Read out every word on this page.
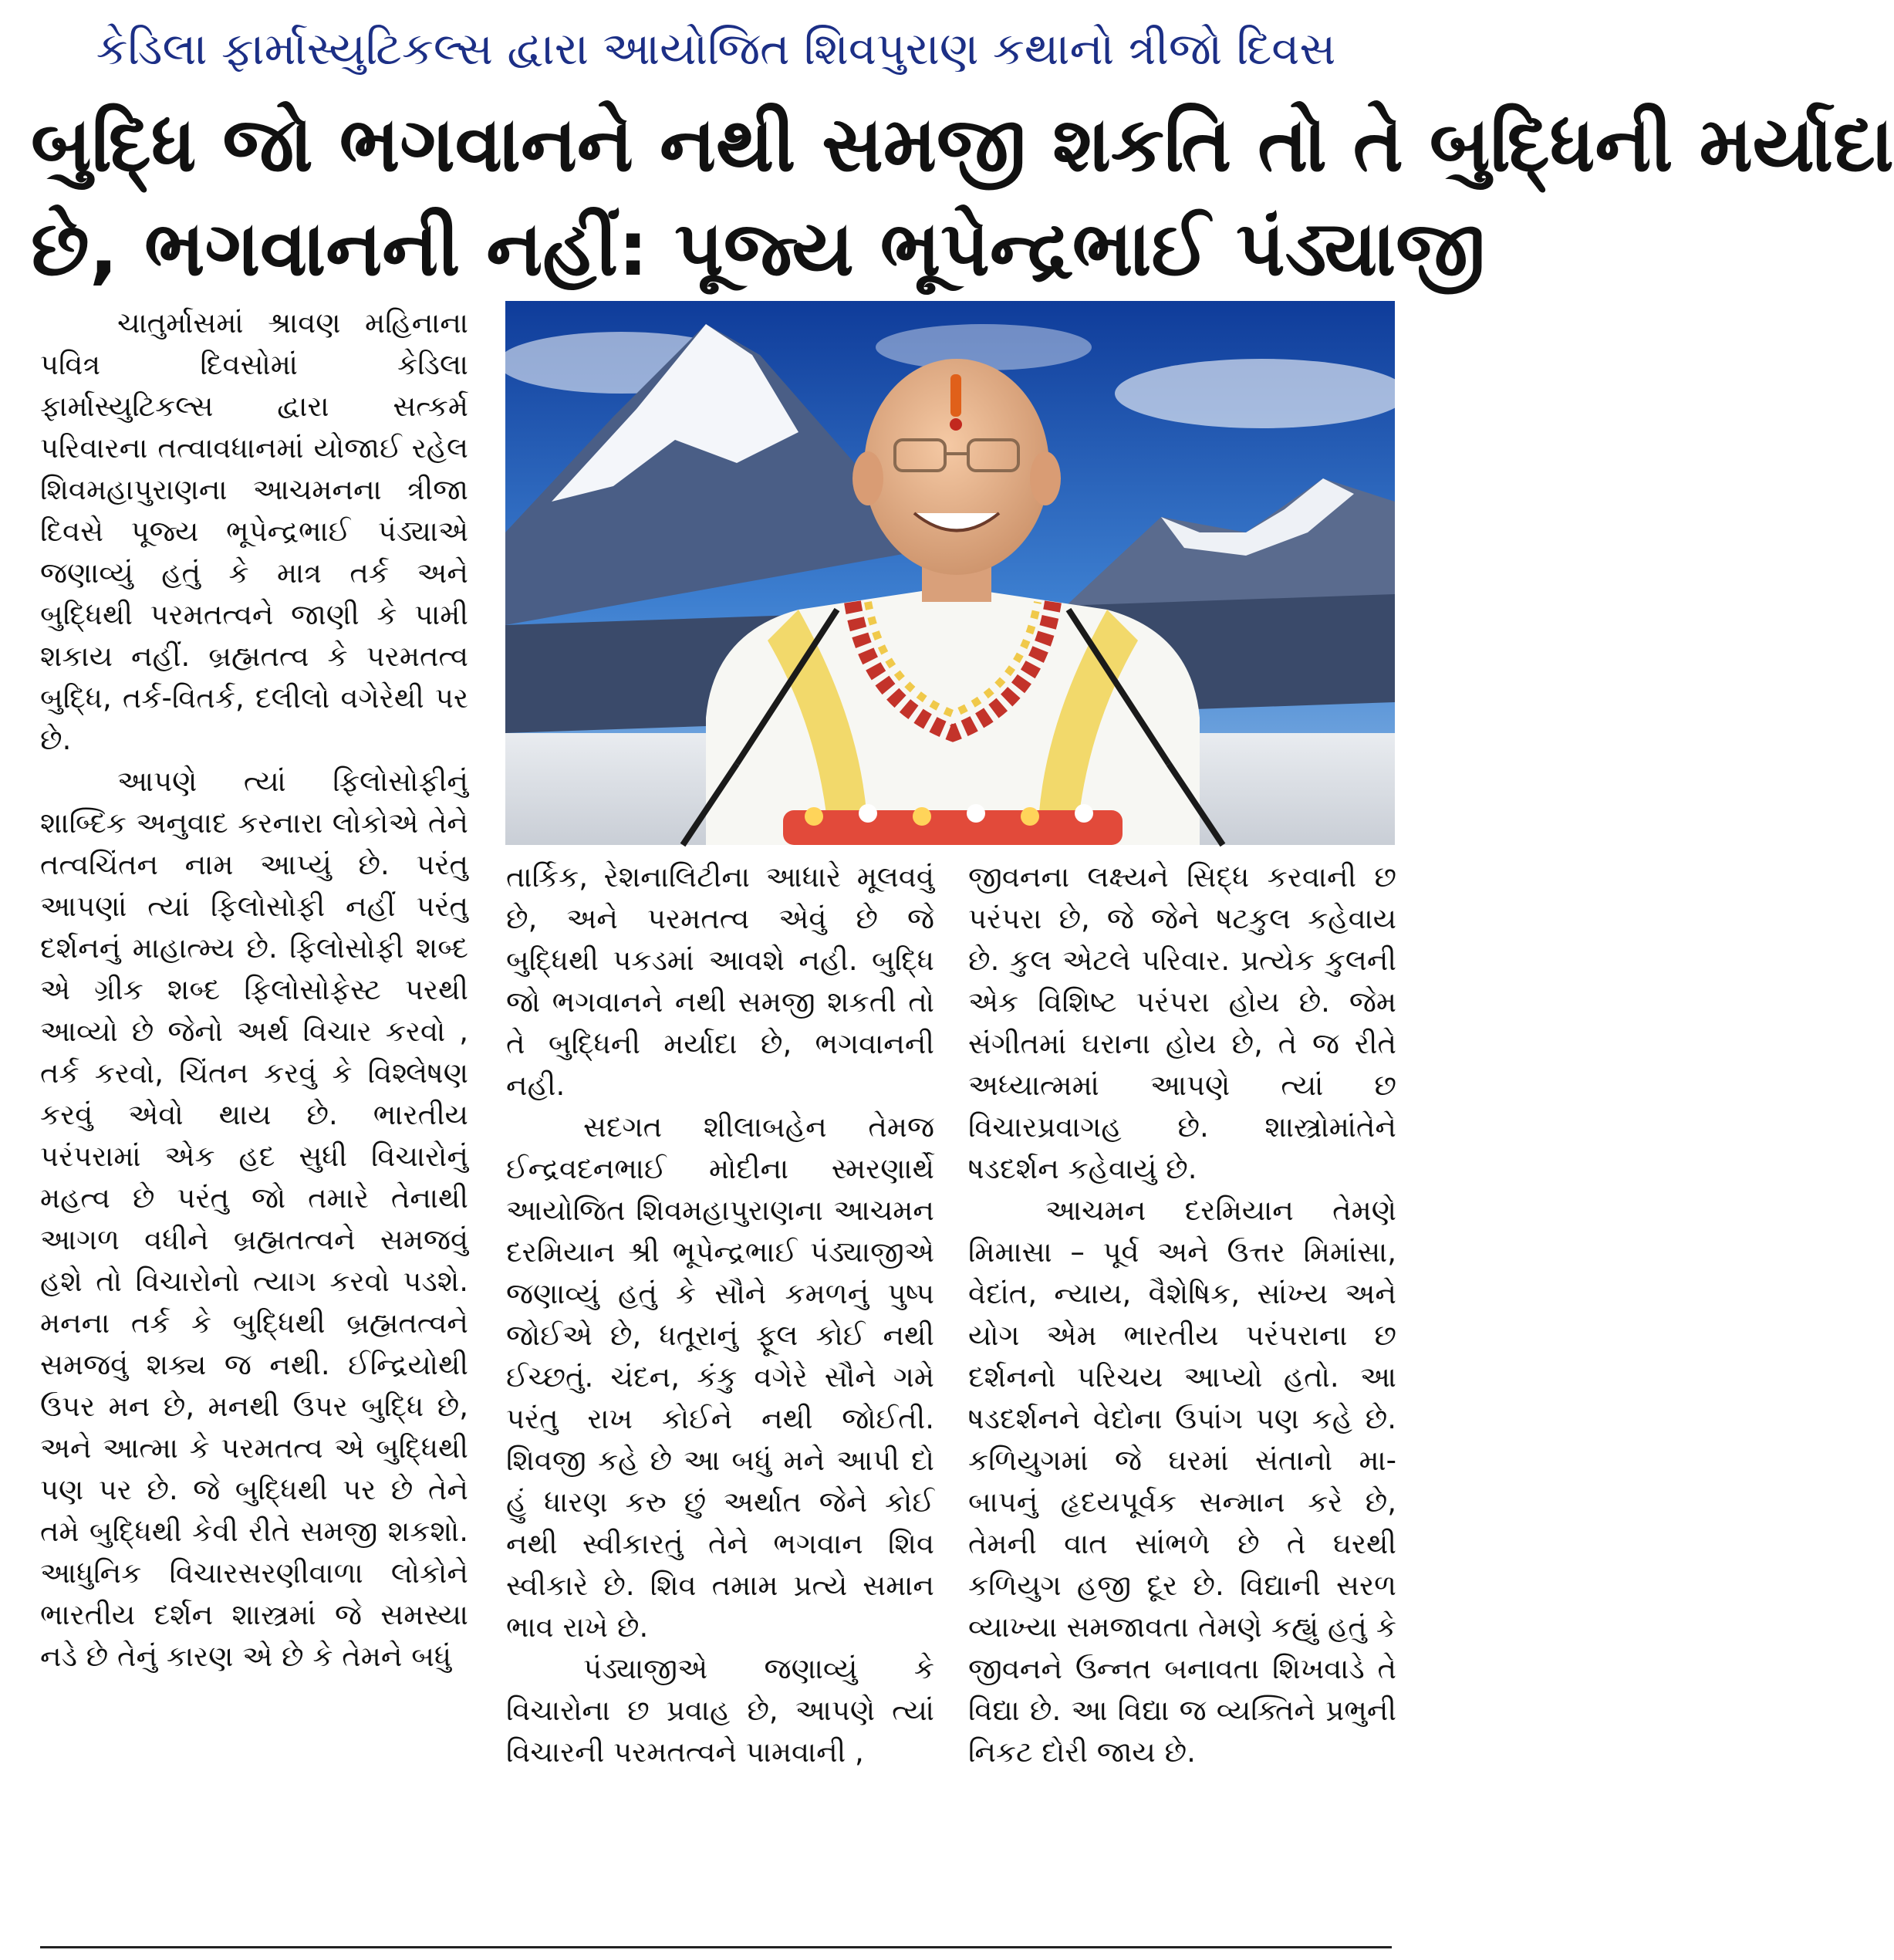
કેડિલા ફાર્માસ્યુટિકલ્સ દ્વારા આયોજિત શિવપુરાણ કથાનો ત્રીજો દિવસ
બુદ્ધિ જો ભગવાનને નથી સમજી શકતિ તો તે બુદ્ધિની મર્યાદા
છે, ભગવાનની નહીં: પૂજ્ય ભૂપેન્દ્રભાઈ પંડ્યાજી

ચાતુર્માસમાં શ્રાવણ મહિનાના પવિત્ર દિવસોમાં કેડિલા ફાર્માસ્યુટિકલ્સ દ્વારા સત્કર્મ પરિવારના તત્વાવધાનમાં યોજાઈ રહેલ શિવમહાપુરાણના આચમનના ત્રીજા દિવસે પૂજ્ય ભૂપેન્દ્રભાઈ પંડ્યાએ જણાવ્યું હતું કે માત્ર તર્ક અને બુદ્ધિથી પરમતત્વને જાણી કે પામી શકાય નહીં. બ્રહ્મતત્વ કે પરમતત્વ બુદ્ધિ, તર્ક-વિતર્ક, દલીલો વગેરેથી પર છે.

આપણે ત્યાં ફિલોસોફીનું શાબ્દિક અનુવાદ કરનારા લોકોએ તેને તત્વચિંતન નામ આપ્યું છે. પરંતુ આપણાં ત્યાં ફિલોસોફી નહીં પરંતુ દર્શનનું માહાત્મ્ય છે. ફિલોસોફી શબ્દ એ ગ્રીક શબ્દ ફિલોસોફેસ્ટ પરથી આવ્યો છે જેનો અર્થ વિચાર કરવો , તર્ક કરવો, ચિંતન કરવું કે વિશ્લેષણ કરવું એવો થાય છે. ભારતીય પરંપરામાં એક હદ સુધી વિચારોનું મહત્વ છે પરંતુ જો તમારે તેનાથી આગળ વધીને બ્રહ્મતત્વને સમજવું હશે તો વિચારોનો ત્યાગ કરવો પડશે. મનના તર્ક કે બુદ્ધિથી બ્રહ્મતત્વને સમજવું શક્ય જ નથી. ઈન્દ્રિયોથી ઉપર મન છે, મનથી ઉપર બુદ્ધિ છે, અને આત્મા કે પરમતત્વ એ બુદ્ધિથી પણ પર છે. જે બુદ્ધિથી પર છે તેને તમે બુદ્ધિથી કેવી રીતે સમજી શકશો. આધુનિક વિચારસરણીવાળા લોકોને ભારતીય દર્શન શાસ્ત્રમાં જે સમસ્યા નડે છે તેનું કારણ એ છે કે તેમને બધું

તાર્કિક, રેશનાલિટીના આધારે મૂલવવું છે, અને પરમતત્વ એવું છે જે બુદ્ધિથી પકડમાં આવશે નહી. બુદ્ધિ જો ભગવાનને નથી સમજી શકતી તો તે બુદ્ધિની મર્યાદા છે, ભગવાનની નહી.

સદગત શીલાબહેન તેમજ ઈન્દ્રવદનભાઈ મોદીના સ્મરણાર્થે આયોજિત શિવમહાપુરાણના આચમન દરમિયાન શ્રી ભૂપેન્દ્રભાઈ પંડ્યાજીએ જણાવ્યું હતું કે સૌને કમળનું પુષ્પ જોઈએ છે, ધતૂરાનું ફૂલ કોઈ નથી ઈચ્છતું. ચંદન, કંકુ વગેરે સૌને ગમે પરંતુ રાખ કોઈને નથી જોઈતી. શિવજી કહે છે આ બધું મને આપી દો હું ધારણ કરુ છું અર્થાત જેને કોઈ નથી સ્વીકારતું તેને ભગવાન શિવ સ્વીકારે છે. શિવ તમામ પ્રત્યે સમાન ભાવ રાખે છે.

પંડ્યાજીએ જણાવ્યું કે વિચારોના છ પ્રવાહ છે, આપણે ત્યાં વિચારની પરમતત્વને પામવાની ,

જીવનના લક્ષ્યને સિદ્ધ કરવાની છ પરંપરા છે, જે જેને ષટકુલ કહેવાય છે. કુલ એટલે પરિવાર. પ્રત્યેક કુલની એક વિશિષ્ટ પરંપરા હોય છે. જેમ સંગીતમાં ઘરાના હોય છે, તે જ રીતે અધ્યાત્મમાં આપણે ત્યાં છ વિચારપ્રવાગહ છે. શાસ્ત્રોમાંતેને ષડદર્શન કહેવાયું છે.

આચમન દરમિયાન તેમણે મિમાસા – પૂર્વ અને ઉત્તર મિમાંસા, વેદાંત, ન્યાય, વૈશેષિક, સાંખ્ય અને યોગ એમ ભારતીય પરંપરાના છ દર્શનનો પરિચય આપ્યો હતો. આ ષડદર્શનને વેદોના ઉપાંગ પણ કહે છે. કળિયુગમાં જે ઘરમાં સંતાનો મા-બાપનું હૃદયપૂર્વક સન્માન કરે છે, તેમની વાત સાંભળે છે તે ઘરથી કળિયુગ હજી દૂર છે. વિદ્યાની સરળ વ્યાખ્યા સમજાવતા તેમણે કહ્યું હતું કે જીવનને ઉન્નત બનાવતા શિખવાડે તે વિદ્યા છે. આ વિદ્યા જ વ્યક્તિને પ્રભુની નિકટ દોરી જાય છે.
